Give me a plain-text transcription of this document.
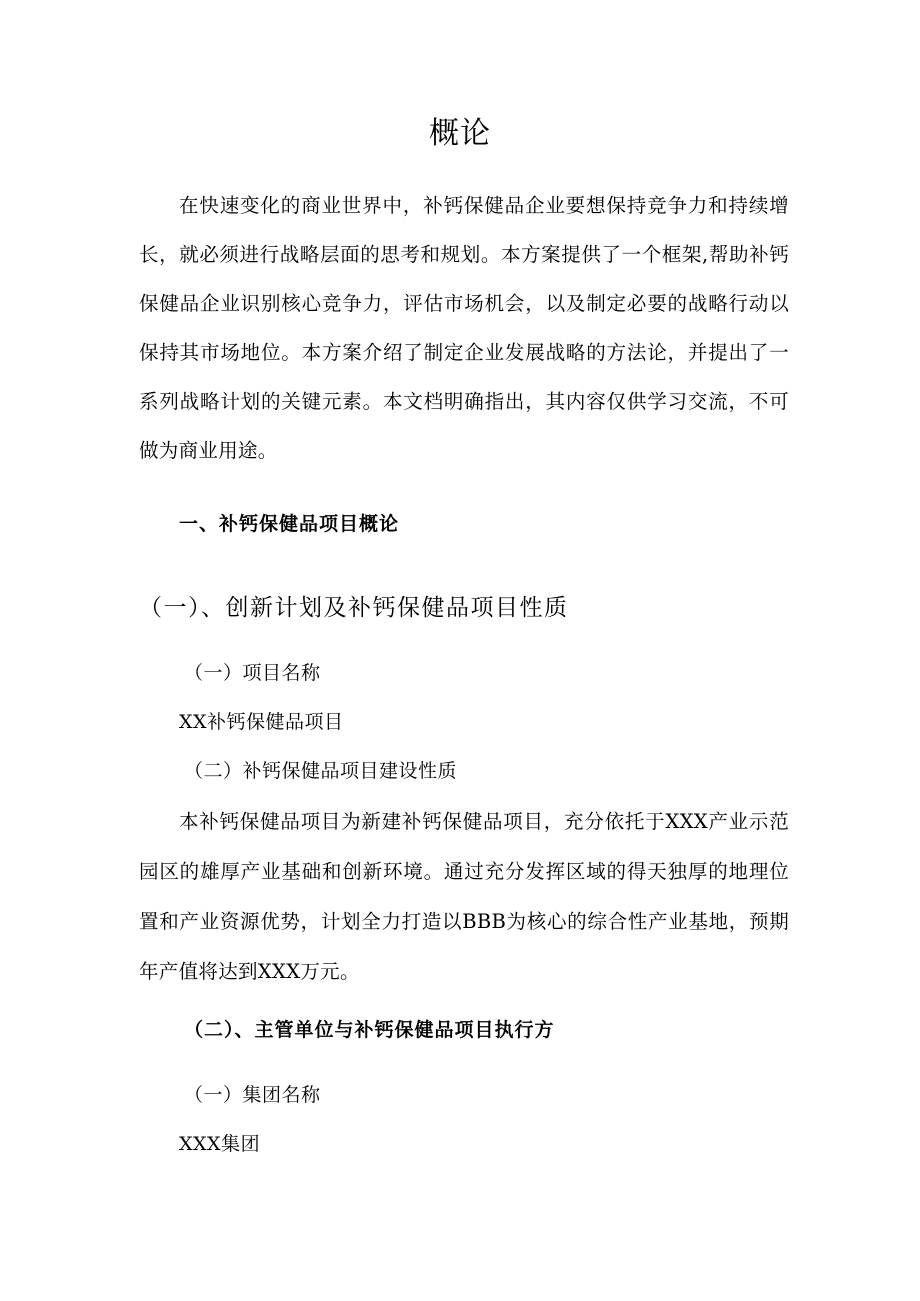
概论

在快速变化的商业世界中，补钙保健品企业要想保持竞争力和持续增长，就必须进行战略层面的思考和规划。本方案提供了一个框架,帮助补钙保健品企业识别核心竞争力，评估市场机会，以及制定必要的战略行动以保持其市场地位。本方案介绍了制定企业发展战略的方法论，并提出了一系列战略计划的关键元素。本文档明确指出，其内容仅供学习交流，不可做为商业用途。

一、补钙保健品项目概论
（一）、创新计划及补钙保健品项目性质

（一）项目名称

XX补钙保健品项目

（二）补钙保健品项目建设性质

本补钙保健品项目为新建补钙保健品项目，充分依托于XXX产业示范园区的雄厚产业基础和创新环境。通过充分发挥区域的得天独厚的地理位置和产业资源优势，计划全力打造以BBB为核心的综合性产业基地，预期年产值将达到XXX万元。

（二）、主管单位与补钙保健品项目执行方

（一）集团名称

XXX集团
